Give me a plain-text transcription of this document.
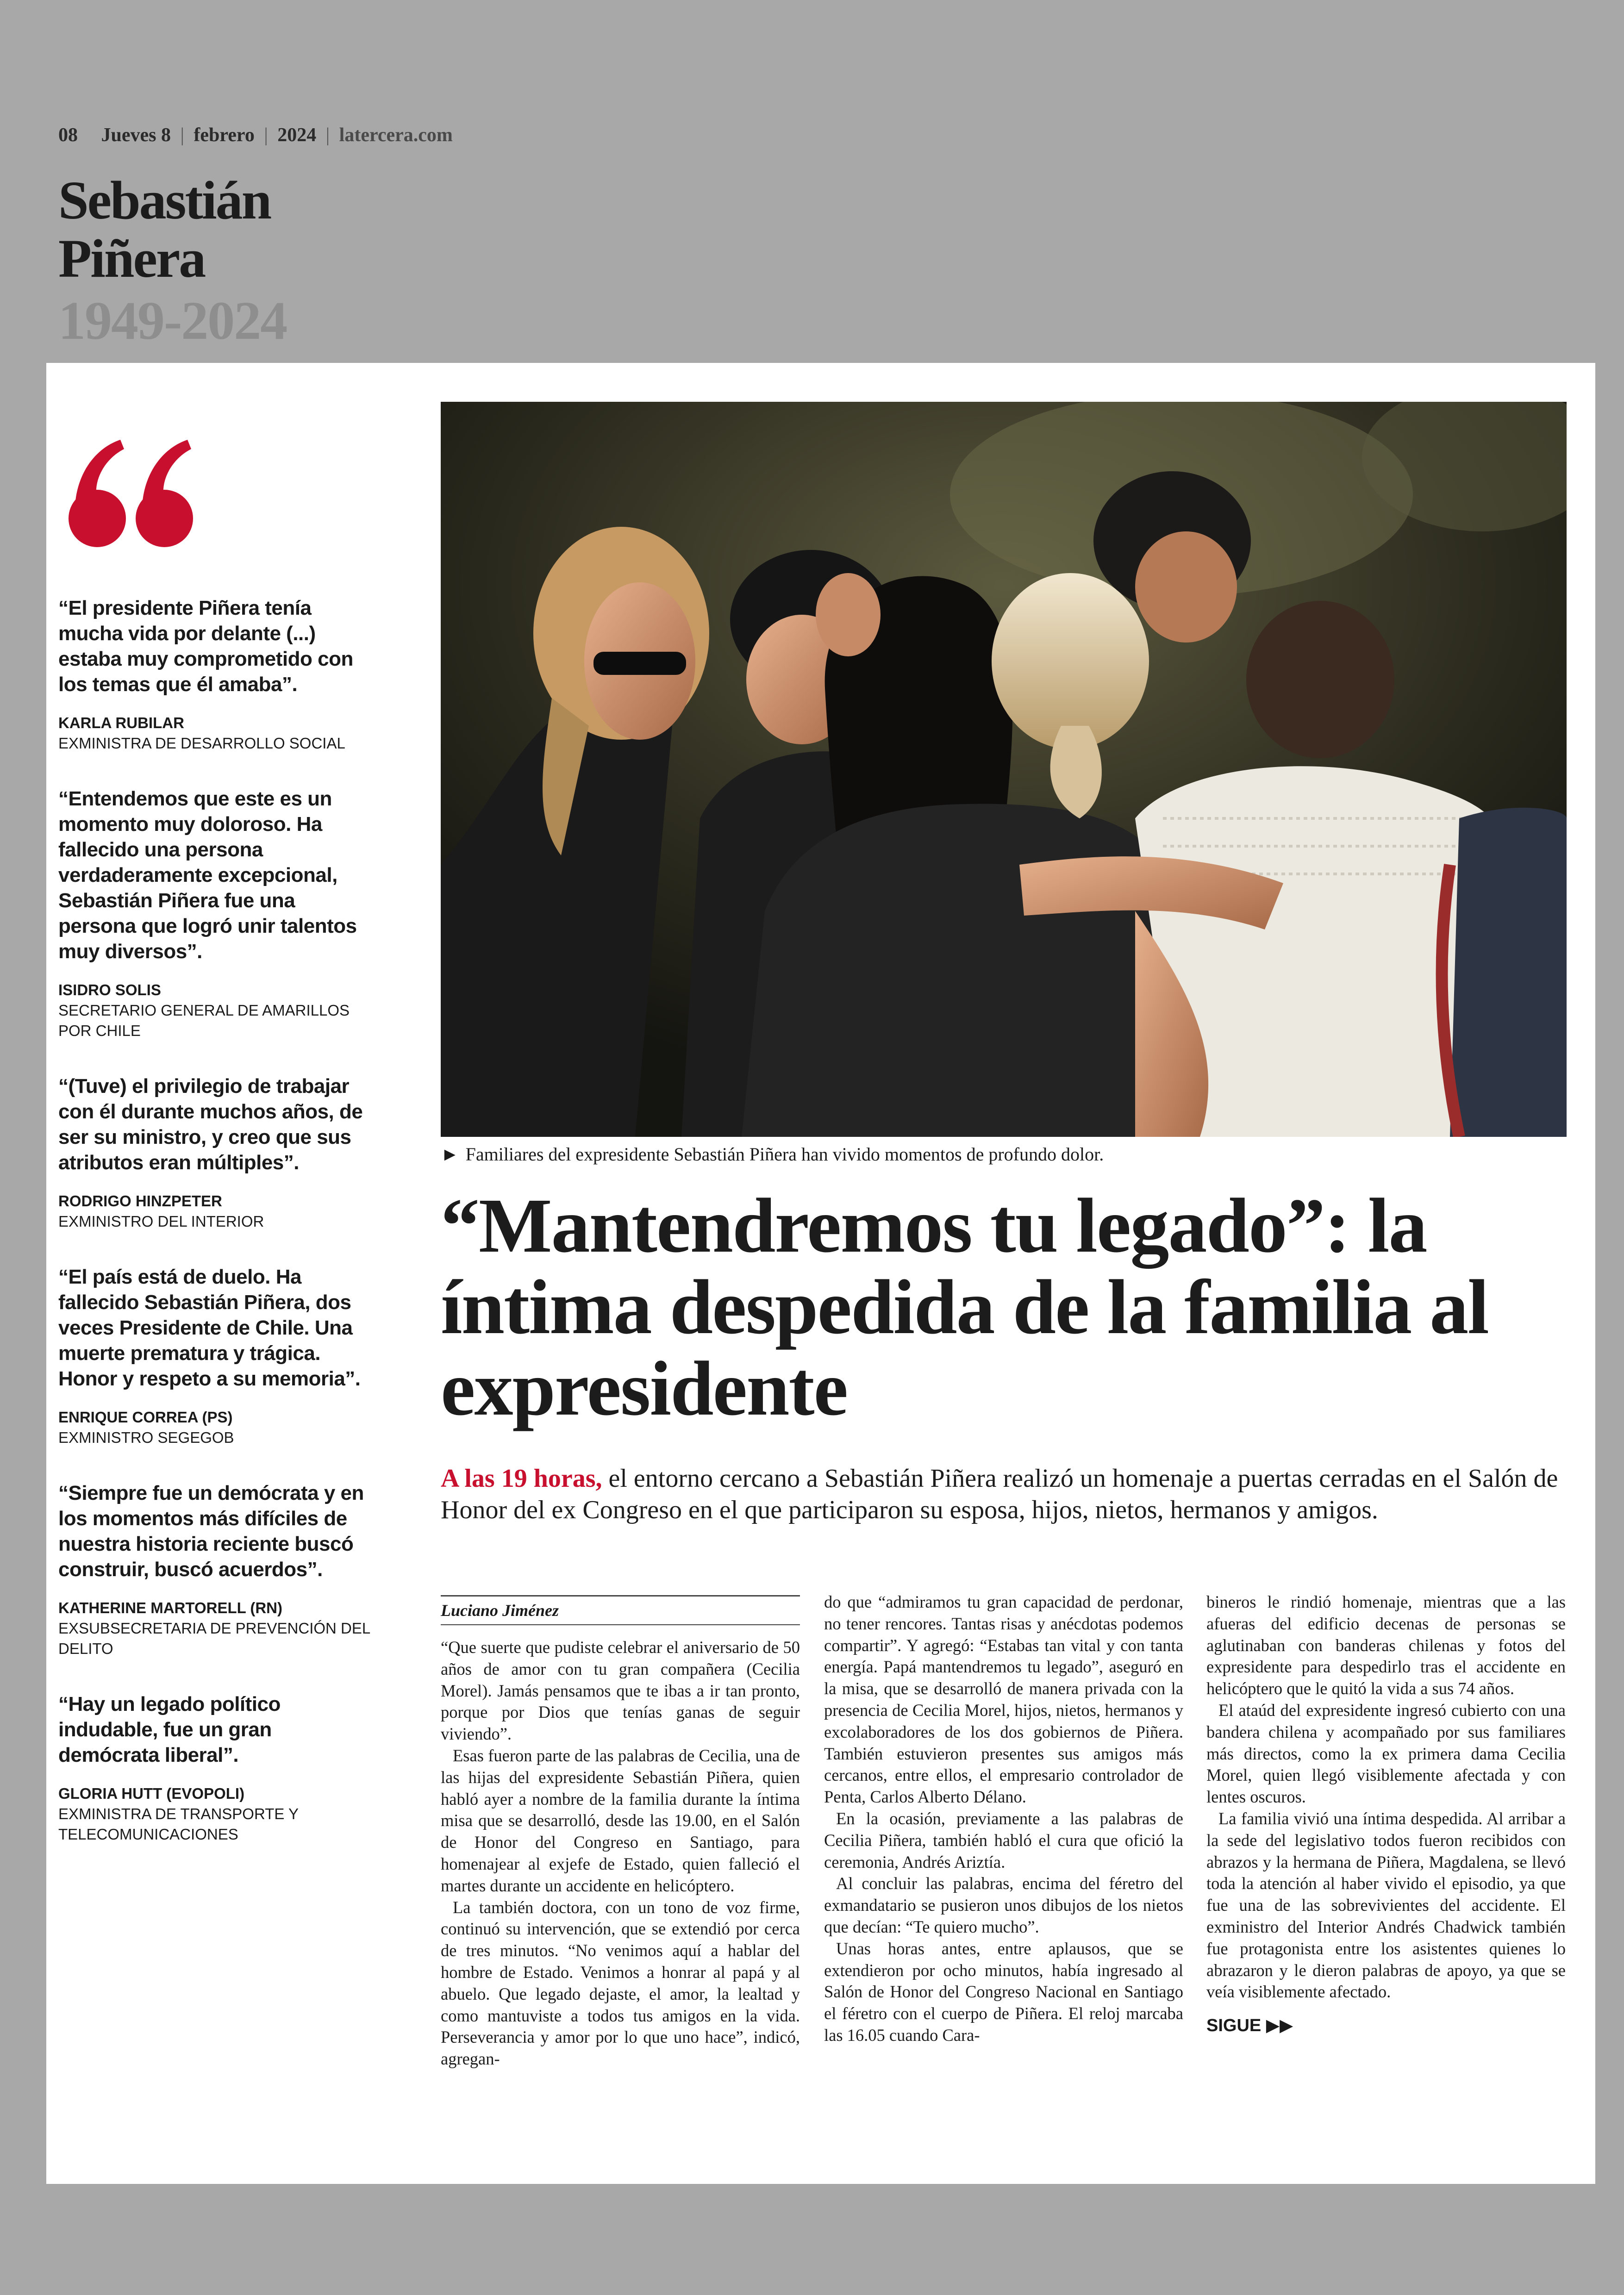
08 Jueves 8 | febrero | 2024 | latercera.com
Sebastián
Piñera
1949-2024
“El presidente Piñera tenía mucha vida por delante (...) estaba muy comprometido con los temas que él amaba”.
KARLA RUBILAR
EXMINISTRA DE DESARROLLO SOCIAL
“Entendemos que este es un momento muy doloroso. Ha fallecido una persona verdaderamente excepcional, Sebastián Piñera fue una persona que logró unir talentos muy diversos”.
ISIDRO SOLIS
SECRETARIO GENERAL DE AMARILLOS POR CHILE
“(Tuve) el privilegio de trabajar con él durante muchos años, de ser su ministro, y creo que sus atributos eran múltiples”.
RODRIGO HINZPETER
EXMINISTRO DEL INTERIOR
“El país está de duelo. Ha fallecido Sebastián Piñera, dos veces Presidente de Chile. Una muerte prematura y trágica. Honor y respeto a su memoria”.
ENRIQUE CORREA (PS)
EXMINISTRO SEGEGOB
“Siempre fue un demócrata y en los momentos más difíciles de nuestra historia reciente buscó construir, buscó acuerdos”.
KATHERINE MARTORELL (RN)
EXSUBSECRETARIA DE PREVENCIÓN DEL DELITO
“Hay un legado político indudable, fue un gran demócrata liberal”.
GLORIA HUTT (EVOPOLI)
EXMINISTRA DE TRANSPORTE Y TELECOMUNICACIONES
► Familiares del expresidente Sebastián Piñera han vivido momentos de profundo dolor.
“Mantendremos tu legado”: la íntima despedida de la familia al expresidente
A las 19 horas, el entorno cercano a Sebastián Piñera realizó un homenaje a puertas cerradas en el Salón de Honor del ex Congreso en el que participaron su esposa, hijos, nietos, hermanos y amigos.
Luciano Jiménez

“Que suerte que pudiste celebrar el aniversario de 50 años de amor con tu gran compañera (Cecilia Morel). Jamás pensamos que te ibas a ir tan pronto, porque por Dios que tenías ganas de seguir viviendo”.

Esas fueron parte de las palabras de Cecilia, una de las hijas del expresidente Sebastián Piñera, quien habló ayer a nombre de la familia durante la íntima misa que se desarrolló, desde las 19.00, en el Salón de Honor del Congreso en Santiago, para homenajear al exjefe de Estado, quien falleció el martes durante un accidente en helicóptero.

La también doctora, con un tono de voz firme, continuó su intervención, que se extendió por cerca de tres minutos. “No venimos aquí a hablar del hombre de Estado. Venimos a honrar al papá y al abuelo. Que legado dejaste, el amor, la lealtad y como mantuviste a todos tus amigos en la vida. Perseverancia y amor por lo que uno hace”, indicó, agregan-

do que “admiramos tu gran capacidad de perdonar, no tener rencores. Tantas risas y anécdotas podemos compartir”. Y agregó: “Estabas tan vital y con tanta energía. Papá mantendremos tu legado”, aseguró en la misa, que se desarrolló de manera privada con la presencia de Cecilia Morel, hijos, nietos, hermanos y excolaboradores de los dos gobiernos de Piñera. También estuvieron presentes sus amigos más cercanos, entre ellos, el empresario controlador de Penta, Carlos Alberto Délano.

En la ocasión, previamente a las palabras de Cecilia Piñera, también habló el cura que ofició la ceremonia, Andrés Ariztía.

Al concluir las palabras, encima del féretro del exmandatario se pusieron unos dibujos de los nietos que decían: “Te quiero mucho”.

Unas horas antes, entre aplausos, que se extendieron por ocho minutos, había ingresado al Salón de Honor del Congreso Nacional en Santiago el féretro con el cuerpo de Piñera. El reloj marcaba las 16.05 cuando Cara-

bineros le rindió homenaje, mientras que a las afueras del edificio decenas de personas se aglutinaban con banderas chilenas y fotos del expresidente para despedirlo tras el accidente en helicóptero que le quitó la vida a sus 74 años.

El ataúd del expresidente ingresó cubierto con una bandera chilena y acompañado por sus familiares más directos, como la ex primera dama Cecilia Morel, quien llegó visiblemente afectada y con lentes oscuros.

La familia vivió una íntima despedida. Al arribar a la sede del legislativo todos fueron recibidos con abrazos y la hermana de Piñera, Magdalena, se llevó toda la atención al haber vivido el episodio, ya que fue una de las sobrevivientes del accidente. El exministro del Interior Andrés Chadwick también fue protagonista entre los asistentes quienes lo abrazaron y le dieron palabras de apoyo, ya que se veía visiblemente afectado.

SIGUE ▶▶
